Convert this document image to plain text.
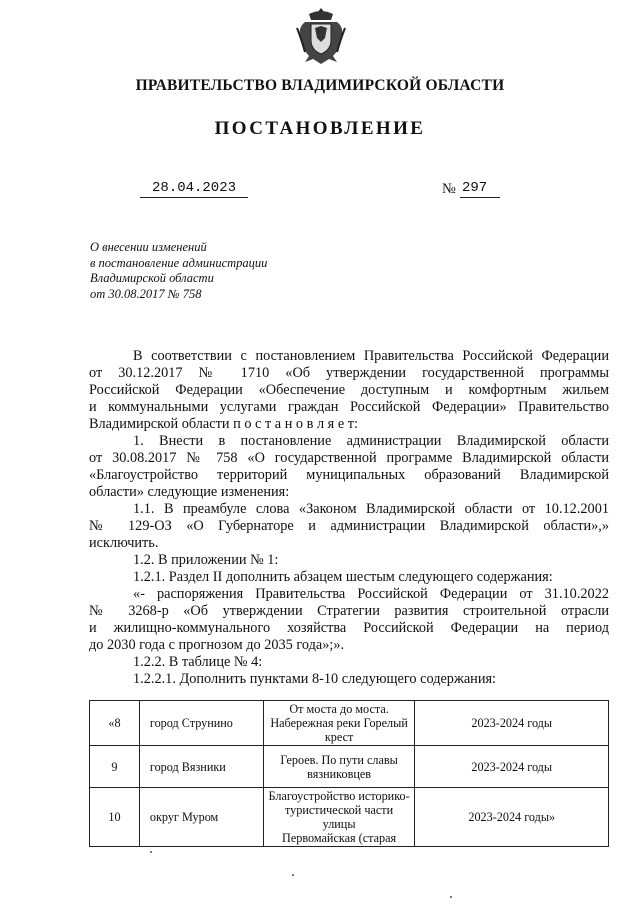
ПРАВИТЕЛЬСТВО ВЛАДИМИРСКОЙ ОБЛАСТИ
ПОСТАНОВЛЕНИЕ
28.04.2023	№ 297
О внесении изменений
в постановление администрации
Владимирской области
от 30.08.2017 № 758
В соответствии с постановлением Правительства Российской Федерации
от 30.12.2017 № 1710 «Об утверждении государственной программы
Российской Федерации «Обеспечение доступным и комфортным жильем
и коммунальными услугами граждан Российской Федерации» Правительство
Владимирской области п о с т а н о в л я е т:
1. Внести в постановление администрации Владимирской области
от 30.08.2017 № 758 «О государственной программе Владимирской области
«Благоустройство территорий муниципальных образований Владимирской
области» следующие изменения:
1.1. В преамбуле слова «Законом Владимирской области от 10.12.2001
№ 129-ОЗ «О Губернаторе и администрации Владимирской области»,»
исключить.
1.2. В приложении № 1:
1.2.1. Раздел II дополнить абзацем шестым следующего содержания:
«- распоряжения Правительства Российской Федерации от 31.10.2022
№ 3268-р «Об утверждении Стратегии развития строительной отрасли
и жилищно-коммунального хозяйства Российской Федерации на период
до 2030 года с прогнозом до 2035 года»;».
1.2.2. В таблице № 4:
1.2.2.1. Дополнить пунктами 8-10 следующего содержания:
«8	город Струнино	От моста до моста.
Набережная реки Горелый
крест	2023-2024 годы
9	город Вязники	Героев. По пути славы
вязниковцев	2023-2024 годы
10	округ Муром	Благоустройство историко-
туристической части улицы
Первомайская (старая	2023-2024 годы»
